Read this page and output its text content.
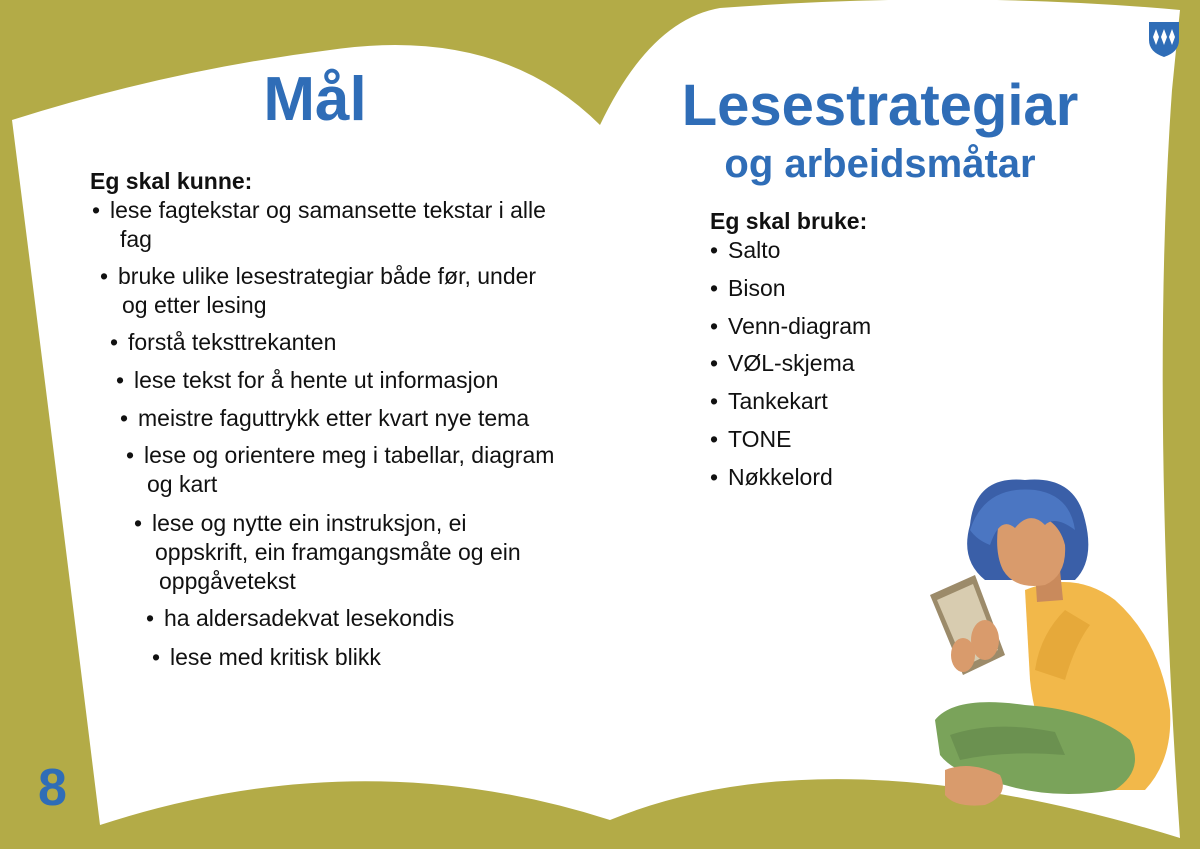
Mål
Eg skal kunne:
• lese fagtekstar og samansette tekstar i alle
fag
• bruke ulike lesestrategiar både før, under
og etter lesing
• forstå teksttrekanten
• lese tekst for å hente ut informasjon
• meistre faguttrykk etter kvart nye tema
• lese og orientere meg i tabellar, diagram
og kart
• lese og nytte ein instruksjon, ei
oppskrift, ein framgangsmåte og ein
oppgåvetekst
• ha aldersadekvat lesekondis
• lese med kritisk blikk
Lesestrategiar
og arbeidsmåtar
Eg skal bruke:
• Salto
• Bison
• Venn-diagram
• VØL-skjema
• Tankekart
• TONE
• Nøkkelord
8
